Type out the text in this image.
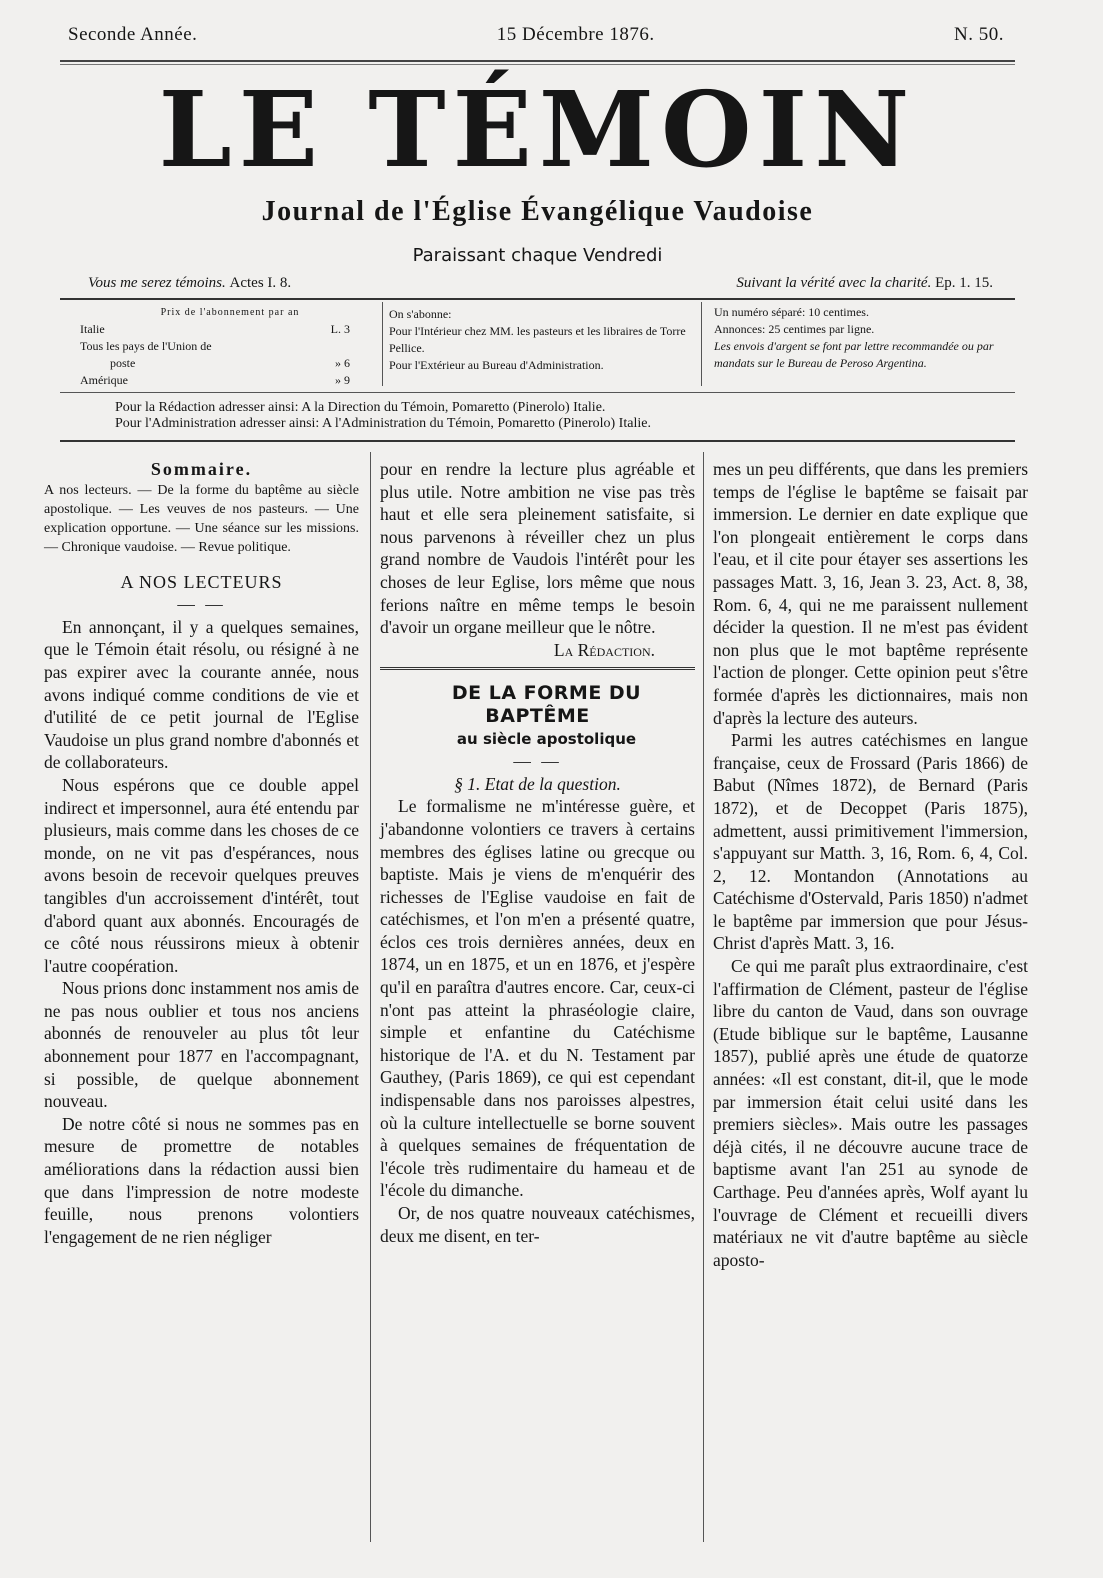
Seconde Année.	15 Décembre 1876.	N. 50.
LE TÉMOIN
Journal de l'Église Évangélique Vaudoise
Paraissant chaque Vendredi
Vous me serez témoins. Actes I. 8.	Suivant la vérité avec la charité. Ep. 1. 15.
Prix de l'abonnement par an
Italie	L. 3
Tous les pays de l'Union de
poste	» 6
Amérique	» 9
On s'abonne:
Pour l'Intérieur chez MM. les pasteurs et les libraires de Torre Pellice.
Pour l'Extérieur au Bureau d'Administration.
Un numéro séparé: 10 centimes.
Annonces: 25 centimes par ligne.
Les envois d'argent se font par lettre recommandée ou par mandats sur le Bureau de Peroso Argentina.
Pour la Rédaction adresser ainsi: A la Direction du Témoin, Pomaretto (Pinerolo) Italie.
Pour l'Administration adresser ainsi: A l'Administration du Témoin, Pomaretto (Pinerolo) Italie.
Sommaire.

A nos lecteurs. — De la forme du baptême au siècle apostolique. — Les veuves de nos pasteurs. — Une explication opportune. — Une séance sur les missions. — Chronique vaudoise. — Revue politique.

A NOS LECTEURS
— —

En annonçant, il y a quelques semaines, que le Témoin était résolu, ou résigné à ne pas expirer avec la courante année, nous avons indiqué comme conditions de vie et d'utilité de ce petit journal de l'Eglise Vaudoise un plus grand nombre d'abonnés et de collaborateurs.

Nous espérons que ce double appel indirect et impersonnel, aura été entendu par plusieurs, mais comme dans les choses de ce monde, on ne vit pas d'espérances, nous avons besoin de recevoir quelques preuves tangibles d'un accroissement d'intérêt, tout d'abord quant aux abonnés. Encouragés de ce côté nous réussirons mieux à obtenir l'autre coopération.

Nous prions donc instamment nos amis de ne pas nous oublier et tous nos anciens abonnés de renouveler au plus tôt leur abonnement pour 1877 en l'accompagnant, si possible, de quelque abonnement nouveau.

De notre côté si nous ne sommes pas en mesure de promettre de notables améliorations dans la rédaction aussi bien que dans l'impression de notre modeste feuille, nous prenons volontiers l'engagement de ne rien négliger

pour en rendre la lecture plus agréable et plus utile. Notre ambition ne vise pas très haut et elle sera pleinement satisfaite, si nous parvenons à réveiller chez un plus grand nombre de Vaudois l'intérêt pour les choses de leur Eglise, lors même que nous ferions naître en même temps le besoin d'avoir un organe meilleur que le nôtre.

La Rédaction.

DE LA FORME DU BAPTÊME

au siècle apostolique

— —

§ 1. Etat de la question.

Le formalisme ne m'intéresse guère, et j'abandonne volontiers ce travers à certains membres des églises latine ou grecque ou baptiste. Mais je viens de m'enquérir des richesses de l'Eglise vaudoise en fait de catéchismes, et l'on m'en a présenté quatre, éclos ces trois dernières années, deux en 1874, un en 1875, et un en 1876, et j'espère qu'il en paraîtra d'autres encore. Car, ceux-ci n'ont pas atteint la phraséologie claire, simple et enfantine du Catéchisme historique de l'A. et du N. Testament par Gauthey, (Paris 1869), ce qui est cependant indispensable dans nos paroisses alpestres, où la culture intellectuelle se borne souvent à quelques semaines de fréquentation de l'école très rudimentaire du hameau et de l'école du dimanche.

Or, de nos quatre nouveaux catéchismes, deux me disent, en ter-

mes un peu différents, que dans les premiers temps de l'église le baptême se faisait par immersion. Le dernier en date explique que l'on plongeait entièrement le corps dans l'eau, et il cite pour étayer ses assertions les passages Matt. 3, 16, Jean 3. 23, Act. 8, 38, Rom. 6, 4, qui ne me paraissent nullement décider la question. Il ne m'est pas évident non plus que le mot baptême représente l'action de plonger. Cette opinion peut s'être formée d'après les dictionnaires, mais non d'après la lecture des auteurs.

Parmi les autres catéchismes en langue française, ceux de Frossard (Paris 1866) de Babut (Nîmes 1872), de Bernard (Paris 1872), et de Decoppet (Paris 1875), admettent, aussi primitivement l'immersion, s'appuyant sur Matth. 3, 16, Rom. 6, 4, Col. 2, 12. Montandon (Annotations au Catéchisme d'Ostervald, Paris 1850) n'admet le baptême par immersion que pour Jésus-Christ d'après Matt. 3, 16.

Ce qui me paraît plus extraordinaire, c'est l'affirmation de Clément, pasteur de l'église libre du canton de Vaud, dans son ouvrage (Etude biblique sur le baptême, Lausanne 1857), publié après une étude de quatorze années: «Il est constant, dit-il, que le mode par immersion était celui usité dans les premiers siècles». Mais outre les passages déjà cités, il ne découvre aucune trace de baptisme avant l'an 251 au synode de Carthage. Peu d'années après, Wolf ayant lu l'ouvrage de Clément et recueilli divers matériaux ne vit d'autre baptême au siècle aposto-
